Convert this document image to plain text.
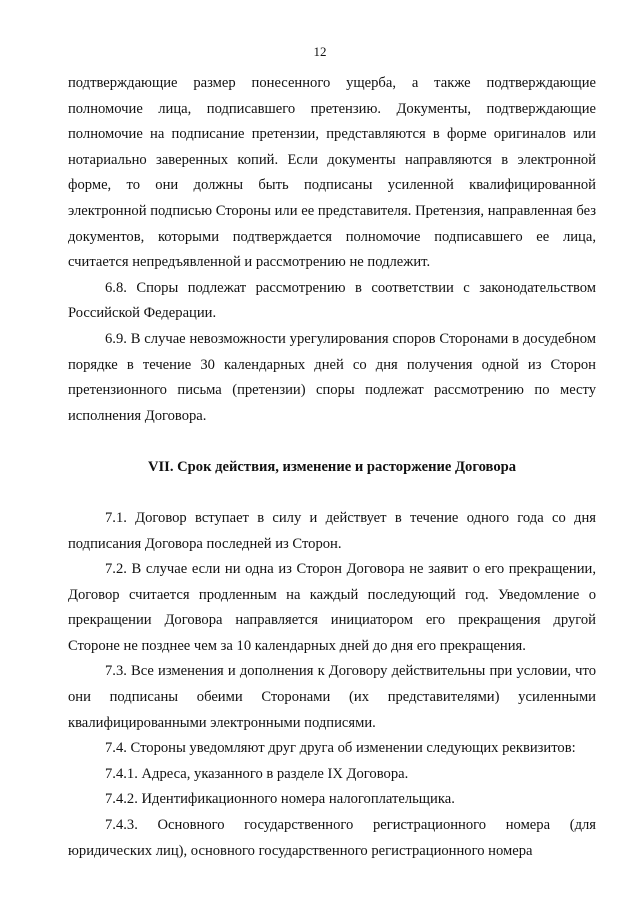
12

подтверждающие размер понесенного ущерба, а также подтверждающие полномочие лица, подписавшего претензию. Документы, подтверждающие полномочие на подписание претензии, представляются в форме оригиналов или нотариально заверенных копий. Если документы направляются в электронной форме, то они должны быть подписаны усиленной квалифицированной электронной подписью Стороны или ее представителя. Претензия, направленная без документов, которыми подтверждается полномочие подписавшего ее лица, считается непредъявленной и рассмотрению не подлежит.

6.8. Споры подлежат рассмотрению в соответствии с законодательством Российской Федерации.

6.9. В случае невозможности урегулирования споров Сторонами в досудебном порядке в течение 30 календарных дней со дня получения одной из Сторон претензионного письма (претензии) споры подлежат рассмотрению по месту исполнения Договора.

VII. Срок действия, изменение и расторжение Договора

7.1. Договор вступает в силу и действует в течение одного года со дня подписания Договора последней из Сторон.

7.2. В случае если ни одна из Сторон Договора не заявит о его прекращении, Договор считается продленным на каждый последующий год. Уведомление о прекращении Договора направляется инициатором его прекращения другой Стороне не позднее чем за 10 календарных дней до дня его прекращения.

7.3. Все изменения и дополнения к Договору действительны при условии, что они подписаны обеими Сторонами (их представителями) усиленными квалифицированными электронными подписями.

7.4. Стороны уведомляют друг друга об изменении следующих реквизитов:

7.4.1. Адреса, указанного в разделе IX Договора.

7.4.2. Идентификационного номера налогоплательщика.

7.4.3. Основного государственного регистрационного номера (для юридических лиц), основного государственного регистрационного номера
